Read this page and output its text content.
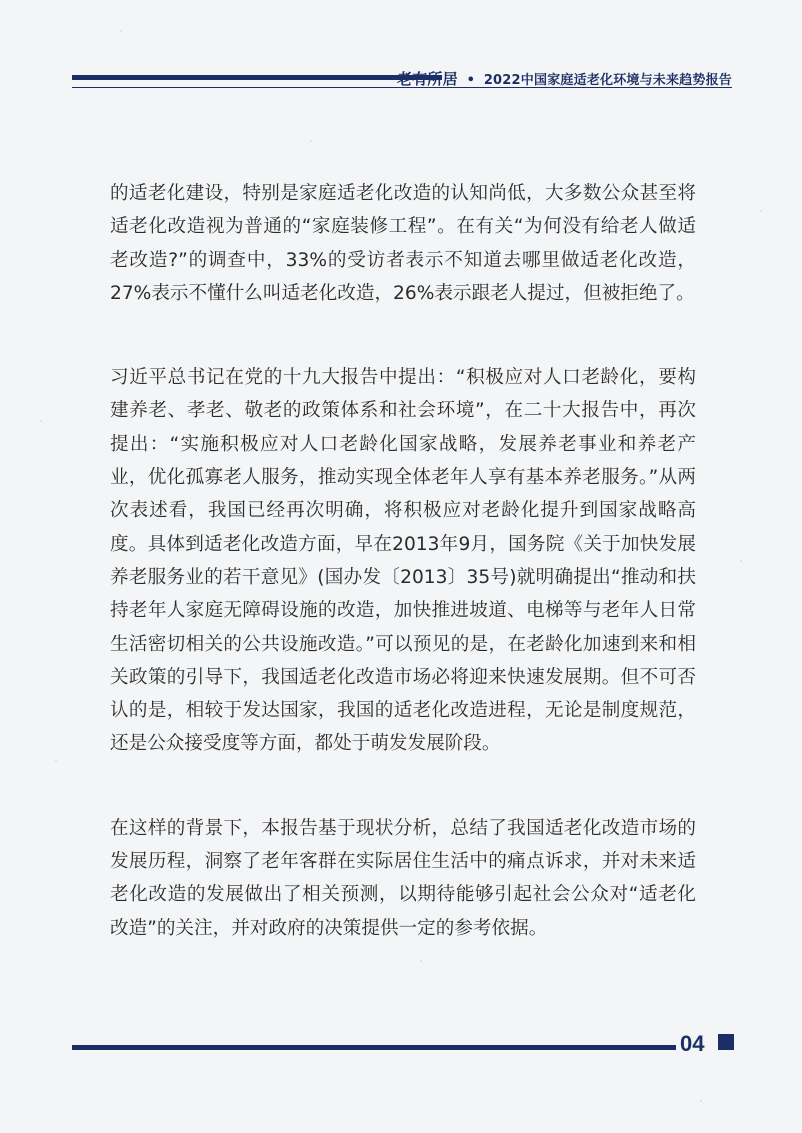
老有所居 • 2022中国家庭适老化环境与未来趋势报告

的适老化建设，特别是家庭适老化改造的认知尚低，大多数公众甚至将适老化改造视为普通的“家庭装修工程”。在有关“为何没有给老人做适老改造?”的调查中，33%的受访者表示不知道去哪里做适老化改造，27%表示不懂什么叫适老化改造，26%表示跟老人提过，但被拒绝了。

习近平总书记在党的十九大报告中提出：“积极应对人口老龄化，要构建养老、孝老、敬老的政策体系和社会环境”，在二十大报告中，再次提出：“实施积极应对人口老龄化国家战略，发展养老事业和养老产业，优化孤寡老人服务，推动实现全体老年人享有基本养老服务。”从两次表述看，我国已经再次明确，将积极应对老龄化提升到国家战略高度。具体到适老化改造方面，早在2013年9月，国务院《关于加快发展养老服务业的若干意见》(国办发〔2013〕35号)就明确提出“推动和扶持老年人家庭无障碍设施的改造，加快推进坡道、电梯等与老年人日常生活密切相关的公共设施改造。”可以预见的是，在老龄化加速到来和相关政策的引导下，我国适老化改造市场必将迎来快速发展期。但不可否认的是，相较于发达国家，我国的适老化改造进程，无论是制度规范，还是公众接受度等方面，都处于萌发发展阶段。

在这样的背景下，本报告基于现状分析，总结了我国适老化改造市场的发展历程，洞察了老年客群在实际居住生活中的痛点诉求，并对未来适老化改造的发展做出了相关预测，以期待能够引起社会公众对“适老化改造”的关注，并对政府的决策提供一定的参考依据。

04
